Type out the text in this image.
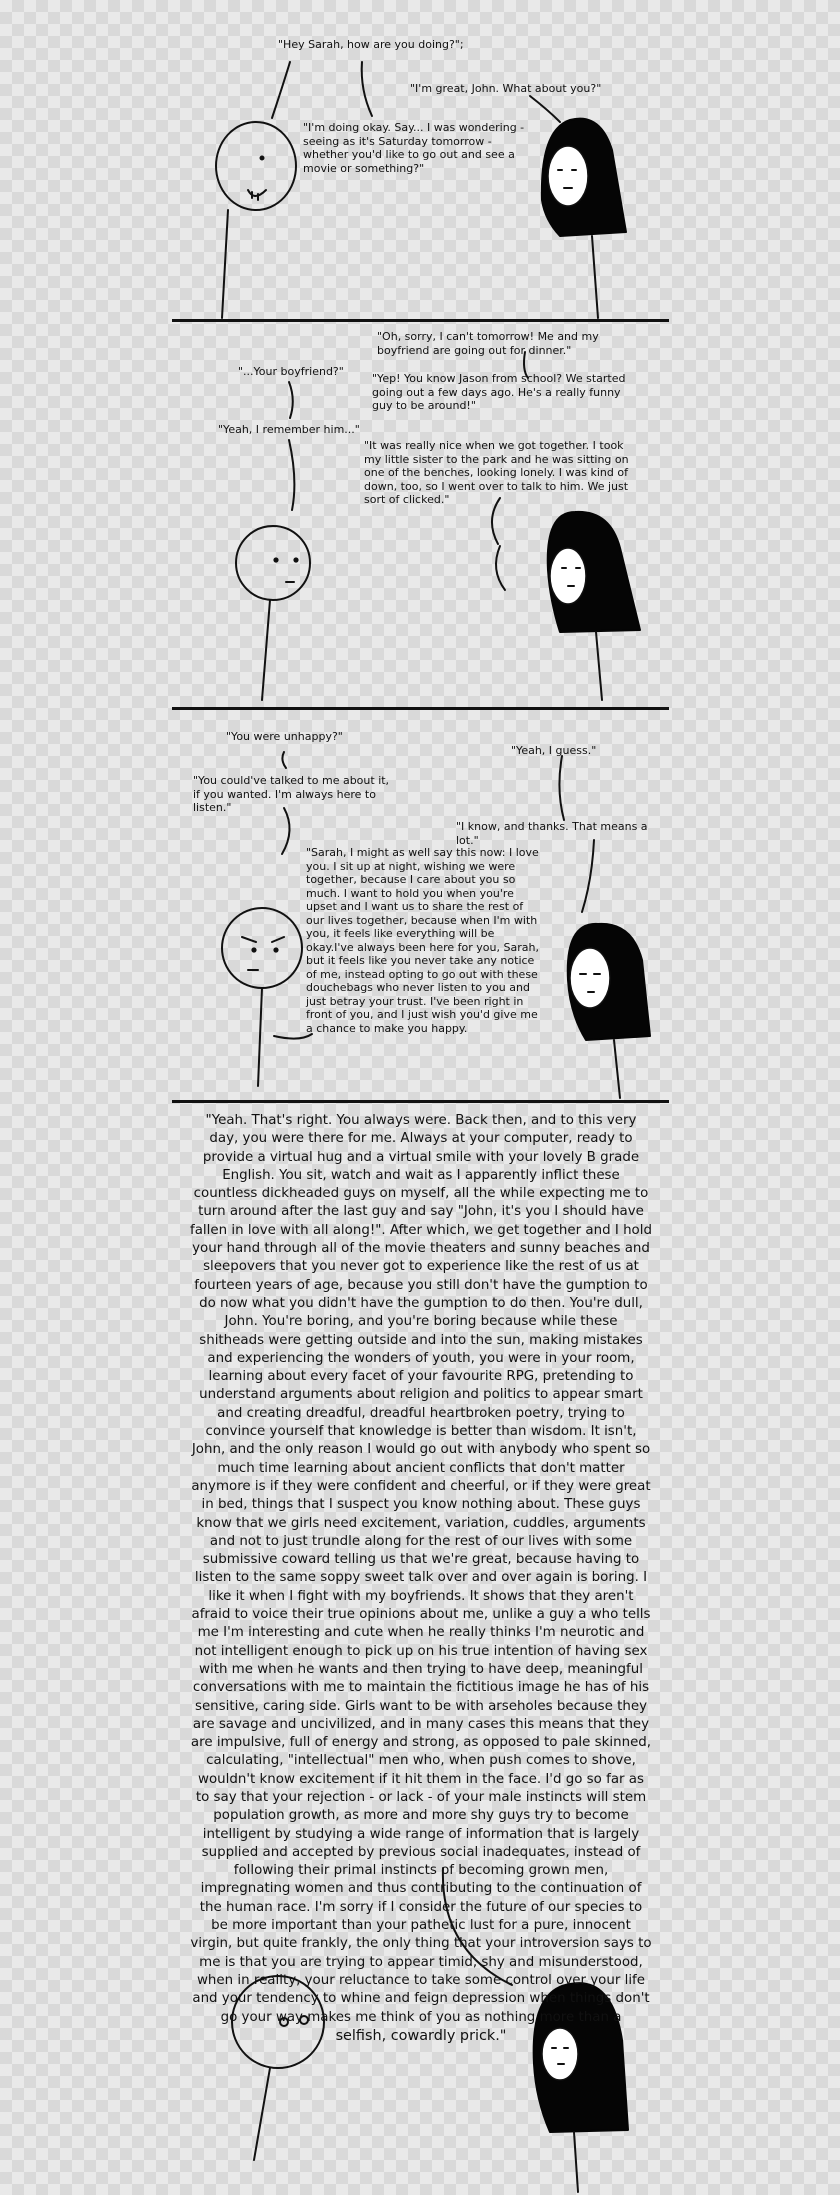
"Hey Sarah, how are you doing?";
"I'm great, John. What about you?"
"I'm doing okay. Say... I was wondering - seeing as it's Saturday tomorrow - whether you'd like to go out and see a movie or something?"
"Oh, sorry, I can't tomorrow! Me and my boyfriend are going out for dinner."
"...Your boyfriend?"
"Yep! You know Jason from school? We started going out a few days ago. He's a really funny guy to be around!"
"Yeah, I remember him..."
"It was really nice when we got together. I took my little sister to the park and he was sitting on one of the benches, looking lonely. I was kind of down, too, so I went over to talk to him. We just sort of clicked."
"You were unhappy?"
"Yeah, I guess."
"You could've talked to me about it, if you wanted. I'm always here to listen."
"I know, and thanks. That means a lot."
"Sarah, I might as well say this now: I love you. I sit up at night, wishing we were together, because I care about you so much. I want to hold you when you're upset and I want us to share the rest of our lives together, because when I'm with you, it feels like everything will be okay.I've always been here for you, Sarah, but it feels like you never take any notice of me, instead opting to go out with these douchebags who never listen to you and just betray your trust. I've been right in front of you, and I just wish you'd give me a chance to make you happy.
"Yeah. That's right. You always were. Back then, and to this very day, you were there for me. Always at your computer, ready to provide a virtual hug and a virtual smile with your lovely B grade English. You sit, watch and wait as I apparently inflict these countless dickheaded guys on myself, all the while expecting me to turn around after the last guy and say "John, it's you I should have fallen in love with all along!". After which, we get together and I hold your hand through all of the movie theaters and sunny beaches and sleepovers that you never got to experience like the rest of us at fourteen years of age, because you still don't have the gumption to do now what you didn't have the gumption to do then. You're dull, John. You're boring, and you're boring because while these shitheads were getting outside and into the sun, making mistakes and experiencing the wonders of youth, you were in your room, learning about every facet of your favourite RPG, pretending to understand arguments about religion and politics to appear smart and creating dreadful, dreadful heartbroken poetry, trying to convince yourself that knowledge is better than wisdom. It isn't, John, and the only reason I would go out with anybody who spent so much time learning about ancient conflicts that don't matter anymore is if they were confident and cheerful, or if they were great in bed, things that I suspect you know nothing about. These guys know that we girls need excitement, variation, cuddles, arguments and not to just trundle along for the rest of our lives with some submissive coward telling us that we're great, because having to listen to the same soppy sweet talk over and over again is boring. I like it when I fight with my boyfriends. It shows that they aren't afraid to voice their true opinions about me, unlike a guy a who tells me I'm interesting and cute when he really thinks I'm neurotic and not intelligent enough to pick up on his true intention of having sex with me when he wants and then trying to have deep, meaningful conversations with me to maintain the fictitious image he has of his sensitive, caring side. Girls want to be with arseholes because they are savage and uncivilized, and in many cases this means that they are impulsive, full of energy and strong, as opposed to pale skinned, calculating, "intellectual" men who, when push comes to shove, wouldn't know excitement if it hit them in the face. I'd go so far as to say that your rejection - or lack - of your male instincts will stem population growth, as more and more shy guys try to become intelligent by studying a wide range of information that is largely supplied and accepted by previous social inadequates, instead of following their primal instincts of becoming grown men, impregnating women and thus contributing to the continuation of the human race. I'm sorry if I consider the future of our species to be more important than your pathetic lust for a pure, innocent virgin, but quite frankly, the only thing that your introversion says to me is that you are trying to appear timid, shy and misunderstood, when in reality, your reluctance to take some control over your life and your tendency to whine and feign depression when things don't go your way makes me think of you as nothing more than a
selfish, cowardly prick."
